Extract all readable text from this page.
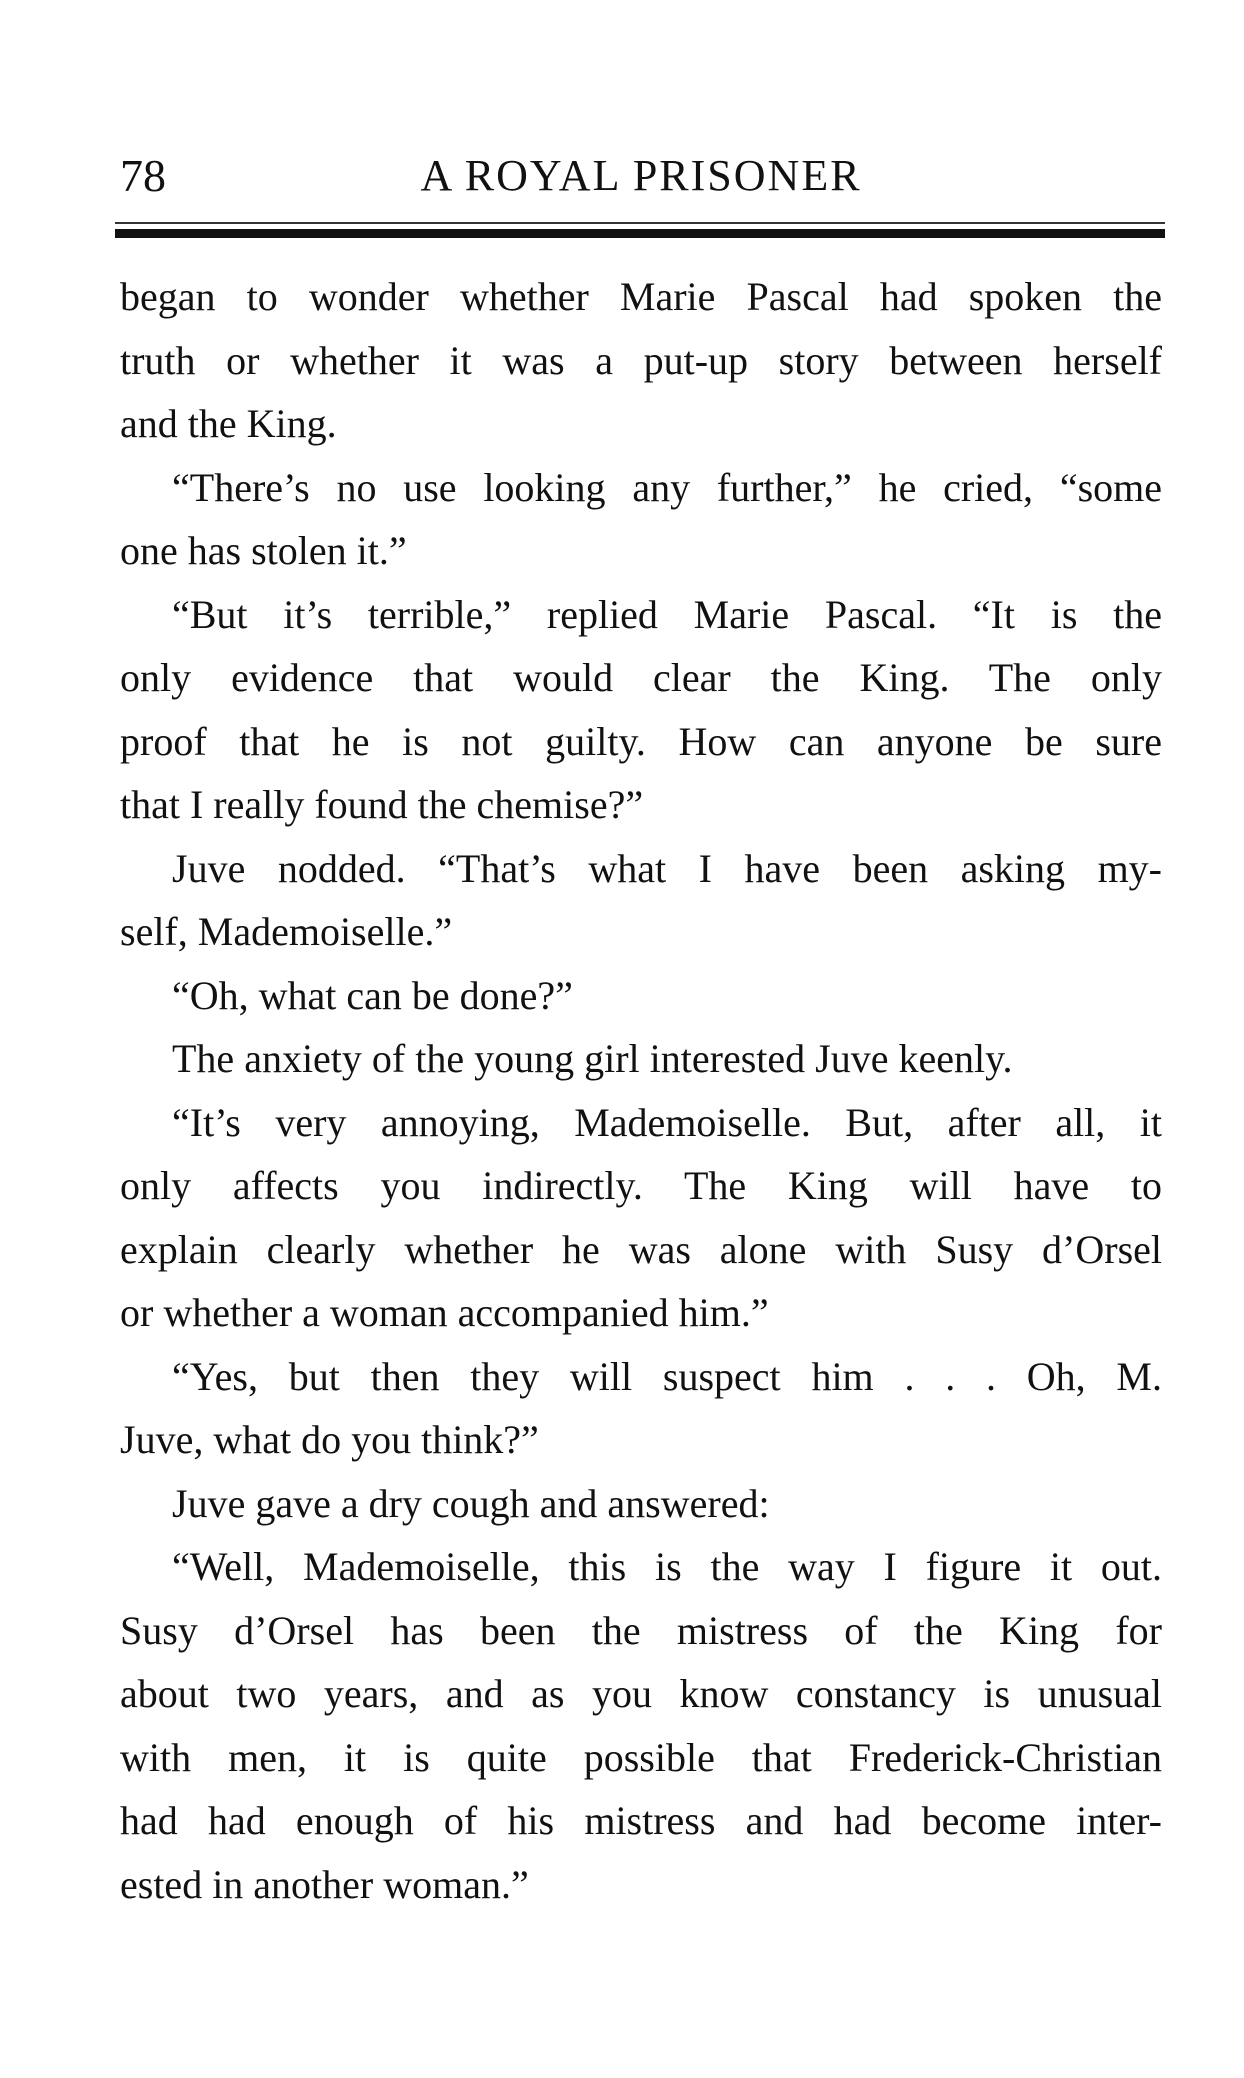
78	A ROYAL PRISONER
began to wonder whether Marie Pascal had spoken the
truth or whether it was a put-up story between herself
and the King.
“There’s no use looking any further,” he cried, “some
one has stolen it.”
“But it’s terrible,” replied Marie Pascal. “It is the
only evidence that would clear the King. The only
proof that he is not guilty. How can anyone be sure
that I really found the chemise?”
Juve nodded. “That’s what I have been asking my-
self, Mademoiselle.”
“Oh, what can be done?”
The anxiety of the young girl interested Juve keenly.
“It’s very annoying, Mademoiselle. But, after all, it
only affects you indirectly. The King will have to
explain clearly whether he was alone with Susy d’Orsel
or whether a woman accompanied him.”
“Yes, but then they will suspect him . . . Oh, M.
Juve, what do you think?”
Juve gave a dry cough and answered:
“Well, Mademoiselle, this is the way I figure it out.
Susy d’Orsel has been the mistress of the King for
about two years, and as you know constancy is unusual
with men, it is quite possible that Frederick-Christian
had had enough of his mistress and had become inter-
ested in another woman.”
